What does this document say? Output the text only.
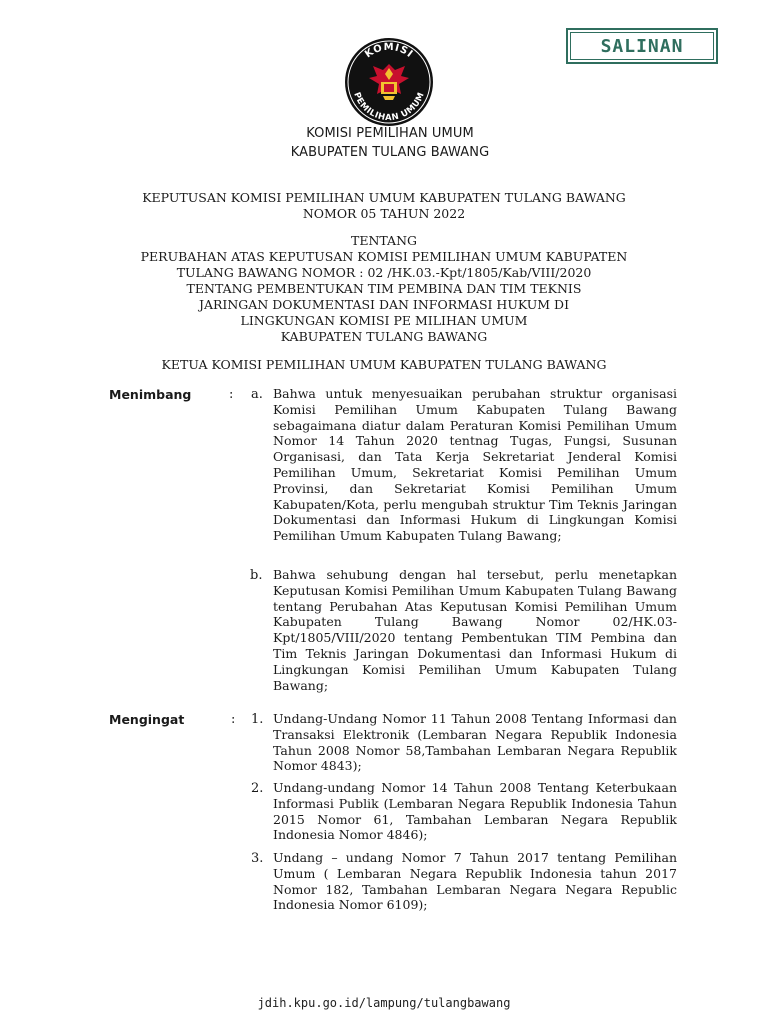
KOMISI
PEMILIHAN UMUM
SALINAN
KOMISI PEMILIHAN UMUM
KABUPATEN TULANG BAWANG
KEPUTUSAN KOMISI PEMILIHAN UMUM KABUPATEN TULANG BAWANG
NOMOR 05 TAHUN 2022
TENTANG
PERUBAHAN ATAS KEPUTUSAN KOMISI PEMILIHAN UMUM KABUPATEN
TULANG BAWANG NOMOR : 02 /HK.03.-Kpt/1805/Kab/VIII/2020
TENTANG PEMBENTUKAN TIM PEMBINA DAN TIM TEKNIS
JARINGAN DOKUMENTASI DAN INFORMASI HUKUM DI
LINGKUNGAN KOMISI PE MILIHAN UMUM
KABUPATEN TULANG BAWANG
KETUA KOMISI PEMILIHAN UMUM KABUPATEN TULANG BAWANG
Menimbang	: a. Bahwa untuk menyesuaikan perubahan struktur organisasi Komisi Pemilihan Umum Kabupaten Tulang Bawang sebagaimana diatur dalam Peraturan Komisi Pemilihan Umum Nomor 14 Tahun 2020 tentnag Tugas, Fungsi, Susunan Organisasi, dan Tata Kerja Sekretariat Jenderal Komisi Pemilihan Umum, Sekretariat Komisi Pemilihan Umum Provinsi, dan Sekretariat Komisi Pemilihan Umum Kabupaten/Kota, perlu mengubah struktur Tim Teknis Jaringan Dokumentasi dan Informasi Hukum di Lingkungan Komisi Pemilihan Umum Kabupaten Tulang Bawang;
b. Bahwa sehubung dengan hal tersebut, perlu menetapkan Keputusan Komisi Pemilihan Umum Kabupaten Tulang Bawang tentang Perubahan Atas Keputusan Komisi Pemilihan Umum Kabupaten Tulang Bawang Nomor 02/HK.03-Kpt/1805/VIII/2020 tentang Pembentukan TIM Pembina dan Tim Teknis Jaringan Dokumentasi dan Informasi Hukum di Lingkungan Komisi Pemilihan Umum Kabupaten Tulang Bawang;
Mengingat	: 1. Undang-Undang Nomor 11 Tahun 2008 Tentang Informasi dan Transaksi Elektronik (Lembaran Negara Republik Indonesia Tahun 2008 Nomor 58,Tambahan Lembaran Negara Republik Nomor 4843);
2. Undang-undang Nomor 14 Tahun 2008 Tentang Keterbukaan Informasi Publik (Lembaran Negara Republik Indonesia Tahun 2015 Nomor 61, Tambahan Lembaran Negara Republik Indonesia Nomor 4846);
3. Undang – undang Nomor 7 Tahun 2017 tentang Pemilihan Umum ( Lembaran Negara Republik Indonesia tahun 2017 Nomor 182, Tambahan Lembaran Negara Negara Republic Indonesia Nomor 6109);
jdih.kpu.go.id/lampung/tulangbawang
